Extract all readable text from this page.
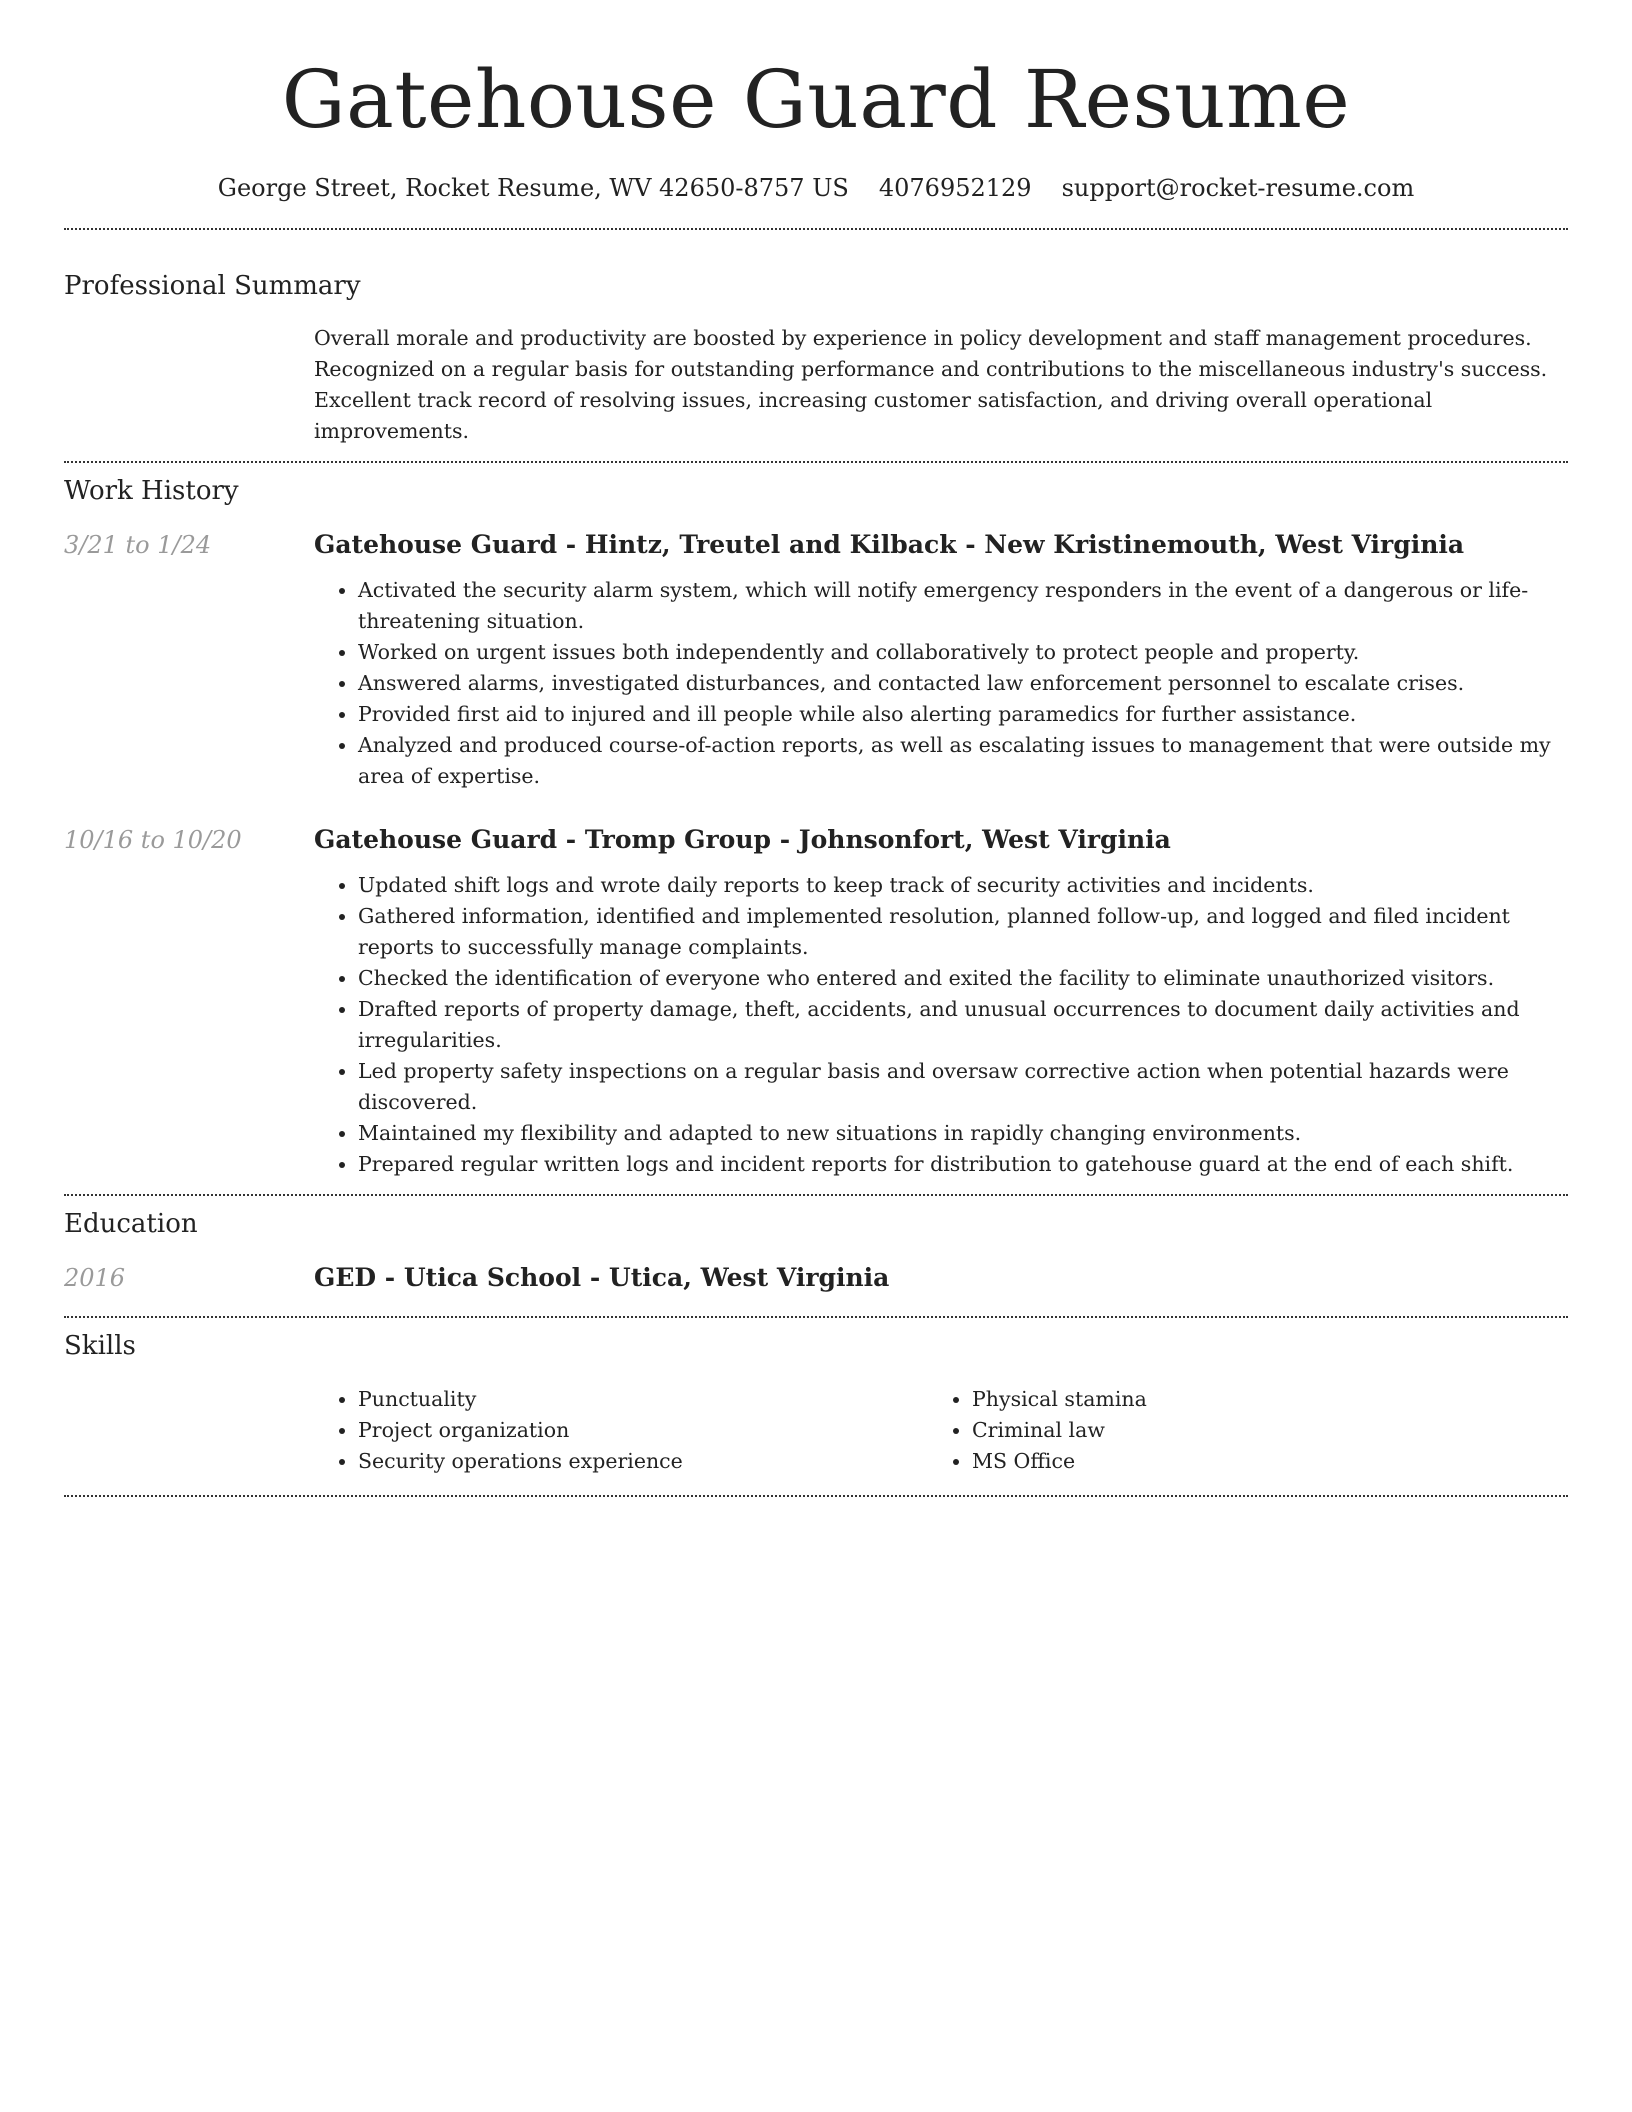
Gatehouse Guard Resume
George Street, Rocket Resume, WV 42650-8757 US 4076952129 support@rocket-resume.com
Professional Summary

Overall morale and productivity are boosted by experience in policy development and staff management procedures. Recognized on a regular basis for outstanding performance and contributions to the miscellaneous industry's success. Excellent track record of resolving issues, increasing customer satisfaction, and driving overall operational improvements.

Work History
3/21 to 1/24	Gatehouse Guard - Hintz, Treutel and Kilback - New Kristinemouth, West Virginia
• Activated the security alarm system, which will notify emergency responders in the event of a dangerous or life-threatening situation.
• Worked on urgent issues both independently and collaboratively to protect people and property.
• Answered alarms, investigated disturbances, and contacted law enforcement personnel to escalate crises.
• Provided first aid to injured and ill people while also alerting paramedics for further assistance.
• Analyzed and produced course-of-action reports, as well as escalating issues to management that were outside my area of expertise.
10/16 to 10/20	Gatehouse Guard - Tromp Group - Johnsonfort, West Virginia
• Updated shift logs and wrote daily reports to keep track of security activities and incidents.
• Gathered information, identified and implemented resolution, planned follow-up, and logged and filed incident reports to successfully manage complaints.
• Checked the identification of everyone who entered and exited the facility to eliminate unauthorized visitors.
• Drafted reports of property damage, theft, accidents, and unusual occurrences to document daily activities and irregularities.
• Led property safety inspections on a regular basis and oversaw corrective action when potential hazards were discovered.
• Maintained my flexibility and adapted to new situations in rapidly changing environments.
• Prepared regular written logs and incident reports for distribution to gatehouse guard at the end of each shift.
Education
2016	GED - Utica School - Utica, West Virginia
Skills
• Punctuality
• Project organization
• Security operations experience
• Physical stamina
• Criminal law
• MS Office
